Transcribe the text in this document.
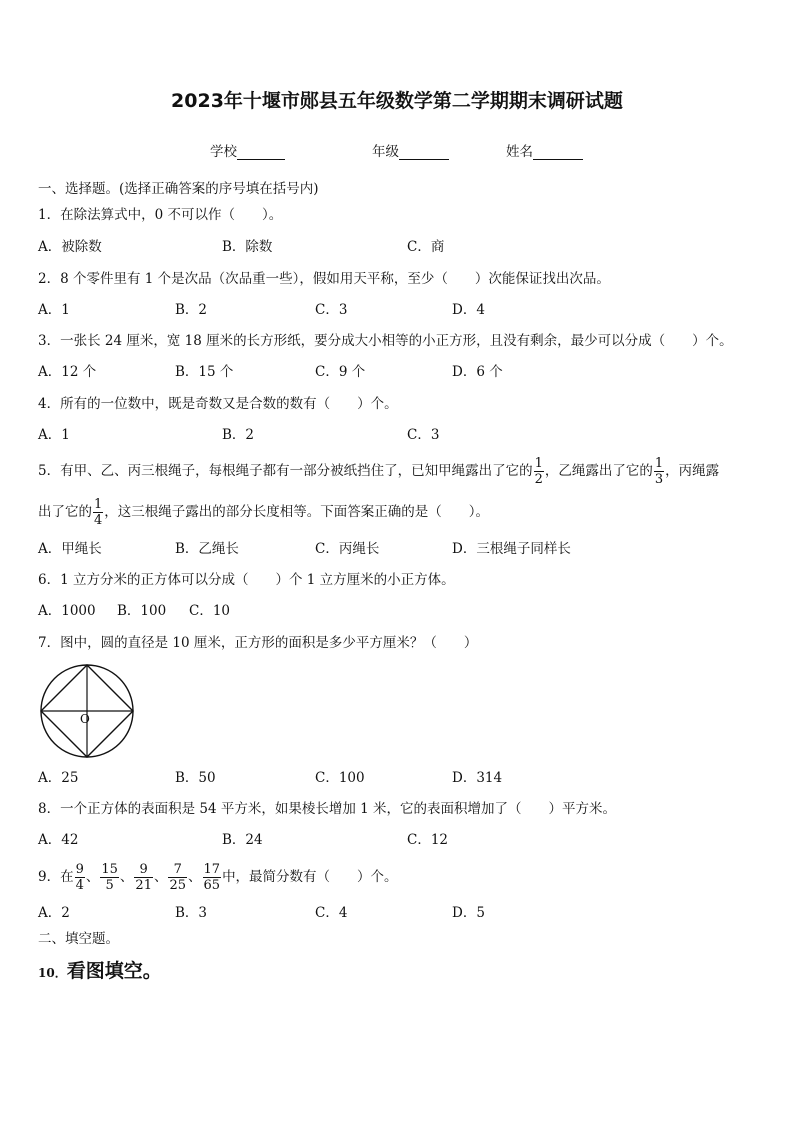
2023年十堰市郧县五年级数学第二学期期末调研试题
学校	年级	姓名
一、选择题。(选择正确答案的序号填在括号内)
1．在除法算式中，0 不可以作（　　）。
A．被除数	B．除数	C．商
2．8 个零件里有 1 个是次品（次品重一些），假如用天平称，至少（　　）次能保证找出次品。
A．1	B．2	C．3	D．4
3．一张长 24 厘米，宽 18 厘米的长方形纸，要分成大小相等的小正方形，且没有剩余，最少可以分成（　　）个。
A．12 个	B．15 个	C．9 个	D．6 个
4．所有的一位数中，既是奇数又是合数的数有（　　）个。
A．1	B．2	C．3
5．有甲、乙、丙三根绳子，每根绳子都有一部分被纸挡住了，已知甲绳露出了它的 $\frac{1}{2}$ ，乙绳露出了它的 $\frac{1}{3}$ ，丙绳露
出了它的 $\frac{1}{4}$ ，这三根绳子露出的部分长度相等。下面答案正确的是（　　）。
A．甲绳长	B．乙绳长	C．丙绳长	D．三根绳子同样长
6．1 立方分米的正方体可以分成（　　）个 1 立方厘米的小正方体。
A．1000 B．100 C．10
7．图中，圆的直径是 10 厘米，正方形的面积是多少平方厘米？（　　）
O
A．25	B．50	C．100	D．314
8．一个正方体的表面积是 54 平方米，如果棱长增加 1 米，它的表面积增加了（　　）平方米。
A．42	B．24	C．12
9．在 $\frac{9}{4}$ 、 $\frac{15}{5}$ 、 $\frac{9}{21}$ 、 $\frac{7}{25}$ 、 $\frac{17}{65}$ 中，最简分数有（　　）个。
A．2	B．3	C．4	D．5
二、填空题。
10．看图填空。
